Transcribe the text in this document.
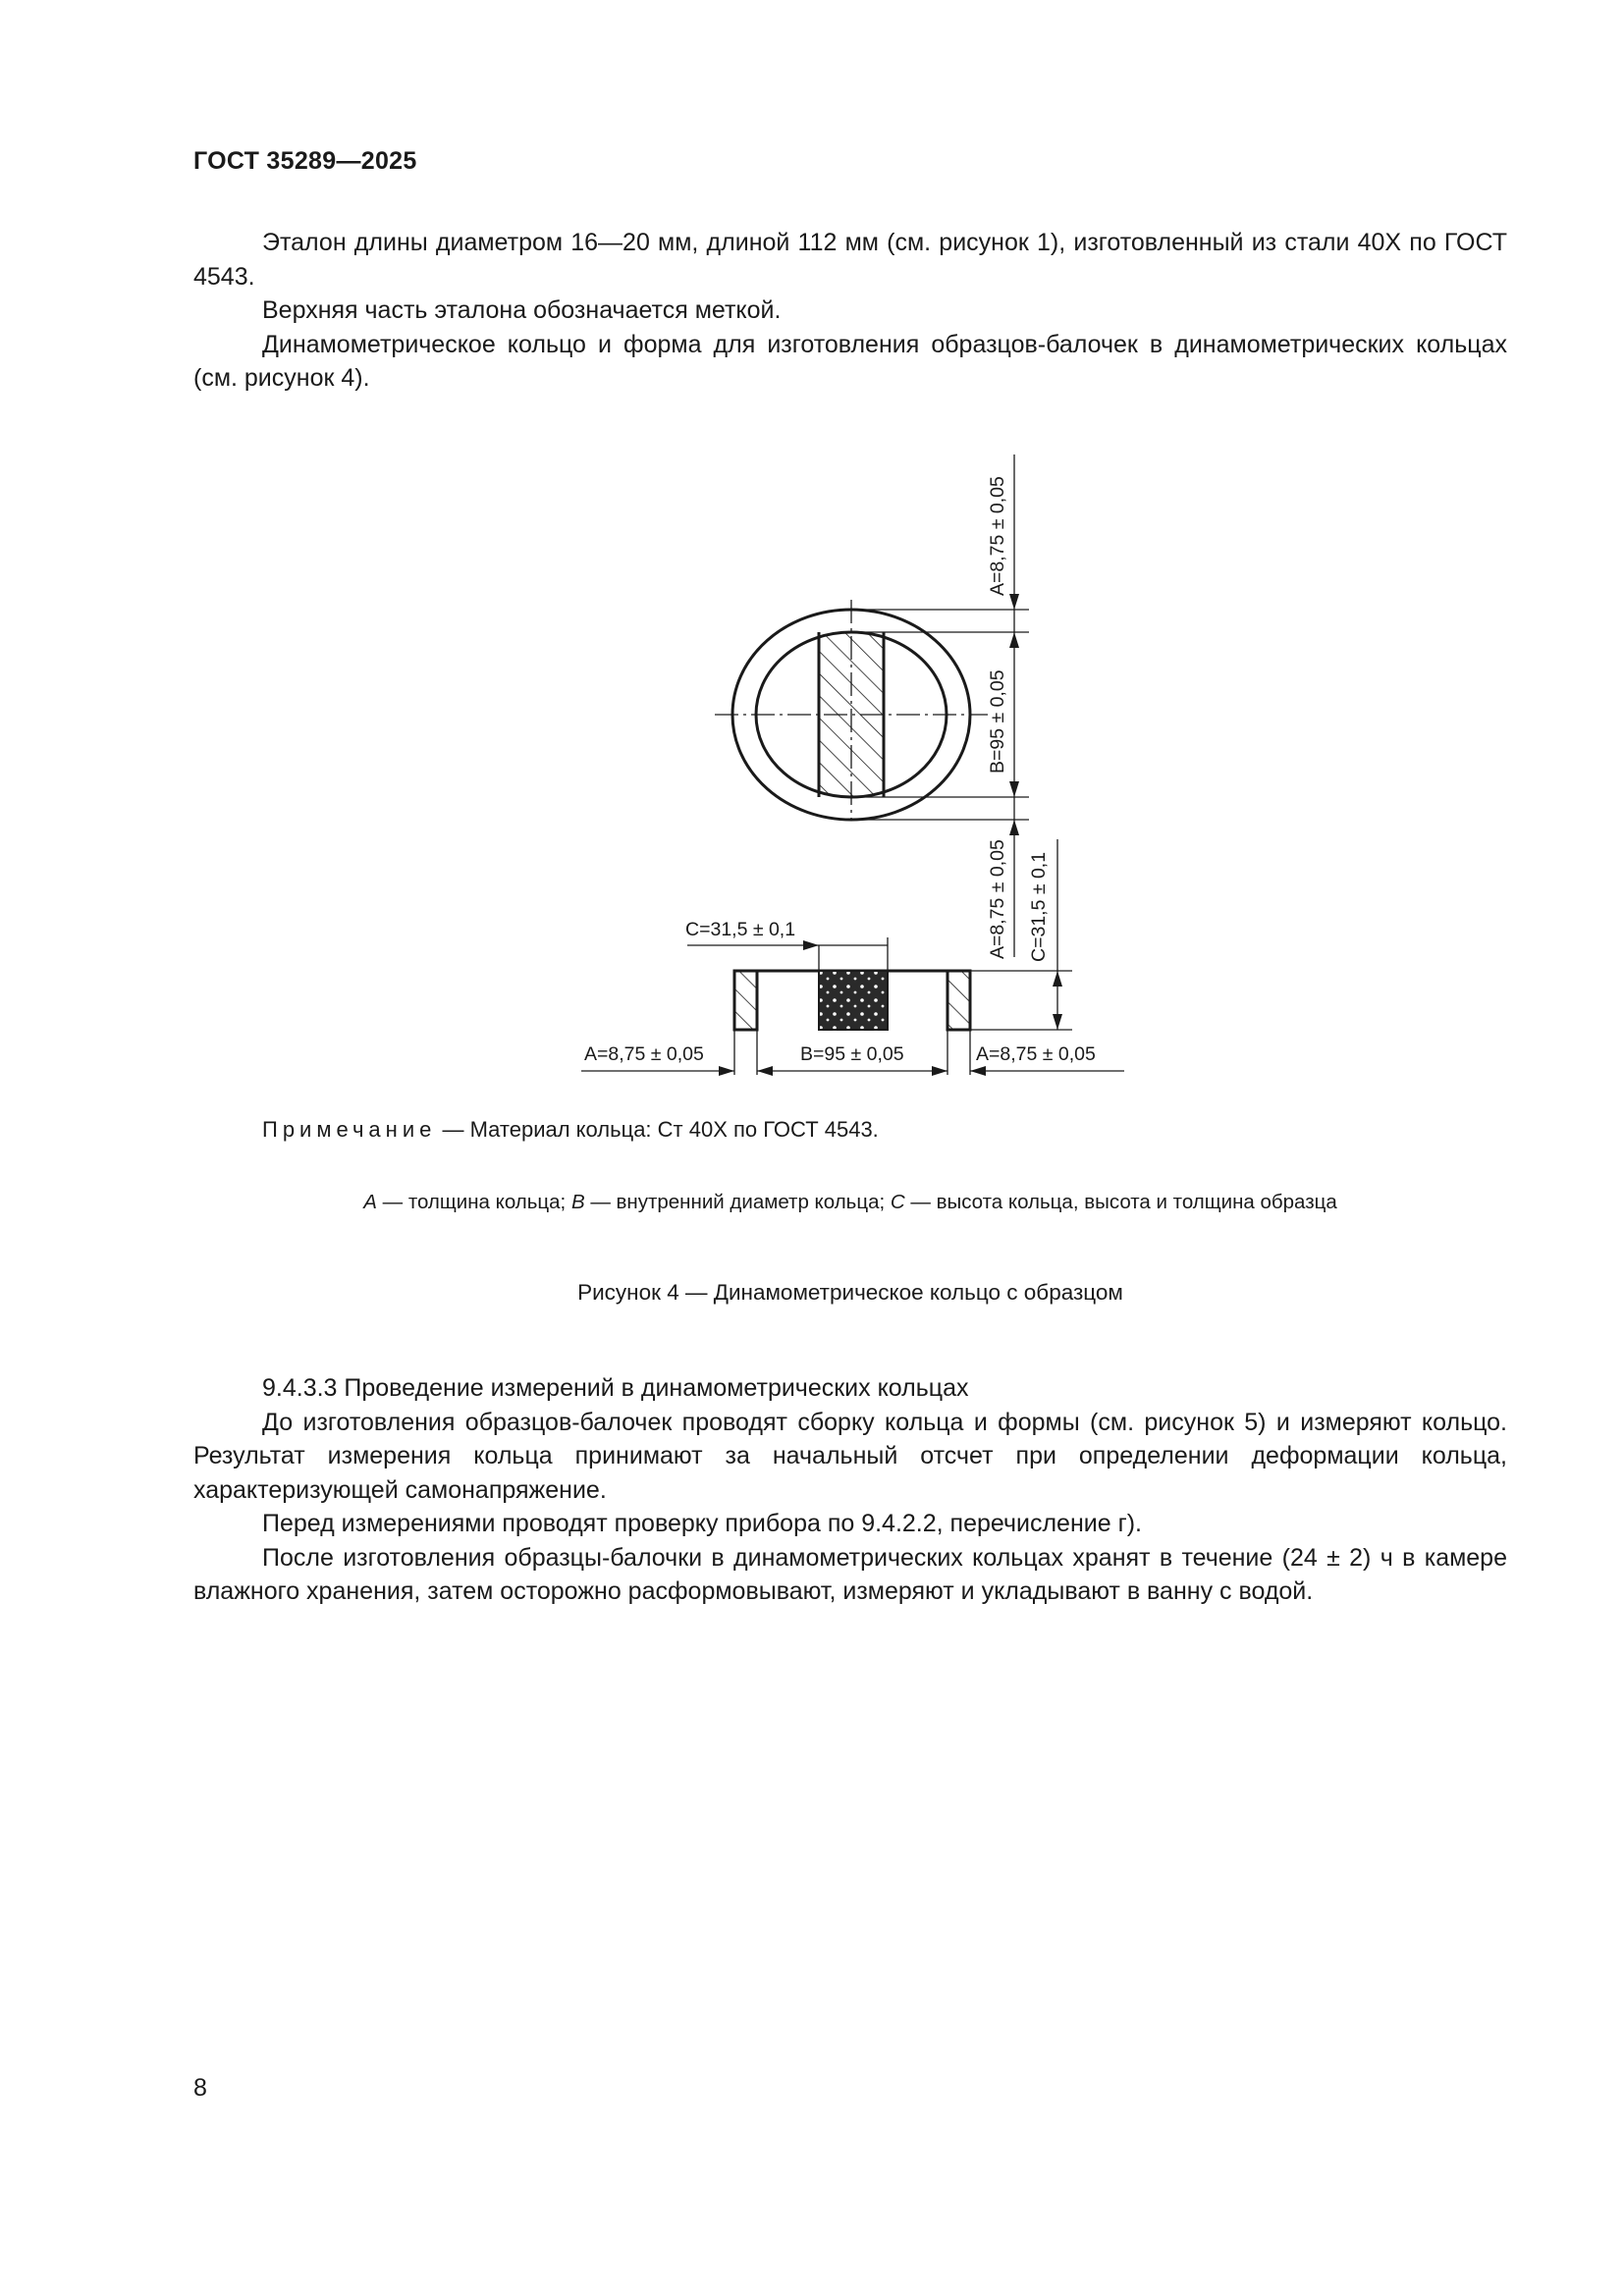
ГОСТ 35289—2025

Эталон длины диаметром 16—20 мм, длиной 112 мм (см. рисунок 1), изготовленный из стали 40Х по ГОСТ 4543.

Верхняя часть эталона обозначается меткой.

Динамометрическое кольцо и форма для изготовления образцов-балочек в динамометрических кольцах (см. рисунок 4).

A=8,75 ± 0,05
B=95 ± 0,05
A=8,75 ± 0,05
C=31,5 ± 0,1	C=31,5 ± 0,1
A=8,75 ± 0,05	B=95 ± 0,05	A=8,75 ± 0,05
Примечание — Материал кольца: Ст 40Х по ГОСТ 4543.
A — толщина кольца; B — внутренний диаметр кольца; C — высота кольца, высота и толщина образца
Рисунок 4 — Динамометрическое кольцо с образцом

9.4.3.3 Проведение измерений в динамометрических кольцах

До изготовления образцов-балочек проводят сборку кольца и формы (см. рисунок 5) и измеряют кольцо. Результат измерения кольца принимают за начальный отсчет при определении деформации кольца, характеризующей самонапряжение.

Перед измерениями проводят проверку прибора по 9.4.2.2, перечисление г).

После изготовления образцы-балочки в динамометрических кольцах хранят в течение (24 ± 2) ч в камере влажного хранения, затем осторожно расформовывают, измеряют и укладывают в ванну с водой.

8
